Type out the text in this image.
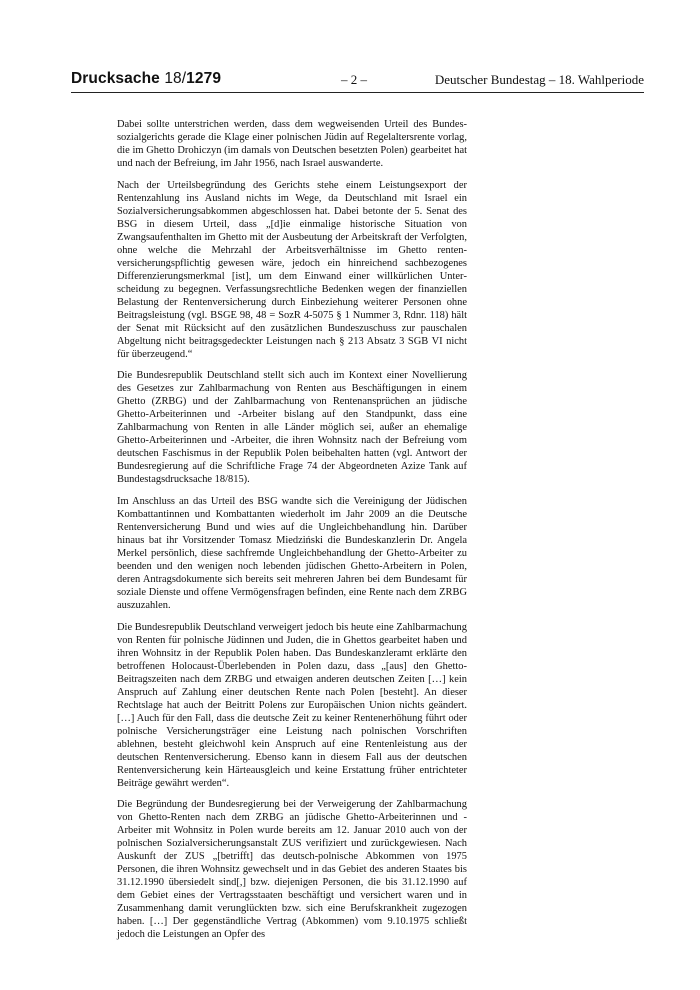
Drucksache 18/1279	– 2 –	Deutscher Bundestag – 18. Wahlperiode

Dabei sollte unterstrichen werden, dass dem wegweisenden Urteil des Bundessozialgerichts gerade die Klage einer polnischen Jüdin auf Regelaltersrente vorlag, die im Ghetto Drohiczyn (im damals von Deutschen besetzten Polen) gearbeitet hat und nach der Befreiung, im Jahr 1956, nach Israel auswanderte.

Nach der Urteilsbegründung des Gerichts stehe einem Leistungsexport der Rentenzahlung ins Ausland nichts im Wege, da Deutschland mit Israel ein Sozialversicherungsabkommen abgeschlossen hat. Dabei betonte der 5. Senat des BSG in diesem Urteil, dass „[d]ie einmalige historische Situation von Zwangsaufenthalten im Ghetto mit der Ausbeutung der Arbeitskraft der Verfolgten, ohne welche die Mehrzahl der Arbeitsverhältnisse im Ghetto rentenversicherungspflichtig gewesen wäre, jedoch ein hinreichend sachbezogenes Differenzierungsmerkmal [ist], um dem Einwand einer willkürlichen Unterscheidung zu begegnen. Verfassungsrechtliche Bedenken wegen der finanziellen Belastung der Rentenversicherung durch Einbeziehung weiterer Personen ohne Beitragsleistung (vgl. BSGE 98, 48 = SozR 4-5075 § 1 Nummer 3, Rdnr. 118) hält der Senat mit Rücksicht auf den zusätzlichen Bundeszuschuss zur pauschalen Abgeltung nicht beitragsgedeckter Leistungen nach § 213 Absatz 3 SGB VI nicht für überzeugend.“

Die Bundesrepublik Deutschland stellt sich auch im Kontext einer Novellierung des Gesetzes zur Zahlbarmachung von Renten aus Beschäftigungen in einem Ghetto (ZRBG) und der Zahlbarmachung von Rentenansprüchen an jüdische Ghetto-Arbeiterinnen und -Arbeiter bislang auf den Standpunkt, dass eine Zahlbarmachung von Renten in alle Länder möglich sei, außer an ehemalige Ghetto-Arbeiterinnen und -Arbeiter, die ihren Wohnsitz nach der Befreiung vom deutschen Faschismus in der Republik Polen beibehalten hatten (vgl. Antwort der Bundesregierung auf die Schriftliche Frage 74 der Abgeordneten Azize Tank auf Bundestagsdrucksache 18/815).

Im Anschluss an das Urteil des BSG wandte sich die Vereinigung der Jüdischen Kombattantinnen und Kombattanten wiederholt im Jahr 2009 an die Deutsche Rentenversicherung Bund und wies auf die Ungleichbehandlung hin. Darüber hinaus bat ihr Vorsitzender Tomasz Miedziński die Bundeskanzlerin Dr. Angela Merkel persönlich, diese sachfremde Ungleichbehandlung der Ghetto-Arbeiter zu beenden und den wenigen noch lebenden jüdischen Ghetto-Arbeitern in Polen, deren Antragsdokumente sich bereits seit mehreren Jahren bei dem Bundesamt für soziale Dienste und offene Vermögensfragen befinden, eine Rente nach dem ZRBG auszuzahlen.

Die Bundesrepublik Deutschland verweigert jedoch bis heute eine Zahlbarmachung von Renten für polnische Jüdinnen und Juden, die in Ghettos gearbeitet haben und ihren Wohnsitz in der Republik Polen haben. Das Bundeskanzleramt erklärte den betroffenen Holocaust-Überlebenden in Polen dazu, dass „[aus] den Ghetto-Beitragszeiten nach dem ZRBG und etwaigen anderen deutschen Zeiten […] kein Anspruch auf Zahlung einer deutschen Rente nach Polen [besteht]. An dieser Rechtslage hat auch der Beitritt Polens zur Europäischen Union nichts geändert. […] Auch für den Fall, dass die deutsche Zeit zu keiner Rentenerhöhung führt oder polnische Versicherungsträger eine Leistung nach polnischen Vorschriften ablehnen, besteht gleichwohl kein Anspruch auf eine Rentenleistung aus der deutschen Rentenversicherung. Ebenso kann in diesem Fall aus der deutschen Rentenversicherung kein Härteausgleich und keine Erstattung früher entrichteter Beiträge gewährt werden“.

Die Begründung der Bundesregierung bei der Verweigerung der Zahlbarmachung von Ghetto-Renten nach dem ZRBG an jüdische Ghetto-Arbeiterinnen und -Arbeiter mit Wohnsitz in Polen wurde bereits am 12. Januar 2010 auch von der polnischen Sozialversicherungsanstalt ZUS verifiziert und zurückgewiesen. Nach Auskunft der ZUS „[betrifft] das deutsch-polnische Abkommen von 1975 Personen, die ihren Wohnsitz gewechselt und in das Gebiet des anderen Staates bis 31.12.1990 übersiedelt sind[,] bzw. diejenigen Personen, die bis 31.12.1990 auf dem Gebiet eines der Vertragsstaaten beschäftigt und versichert waren und in Zusammenhang damit verunglückten bzw. sich eine Berufskrankheit zugezogen haben. […] Der gegenständliche Vertrag (Abkommen) vom 9.10.1975 schließt jedoch die Leistungen an Opfer des
